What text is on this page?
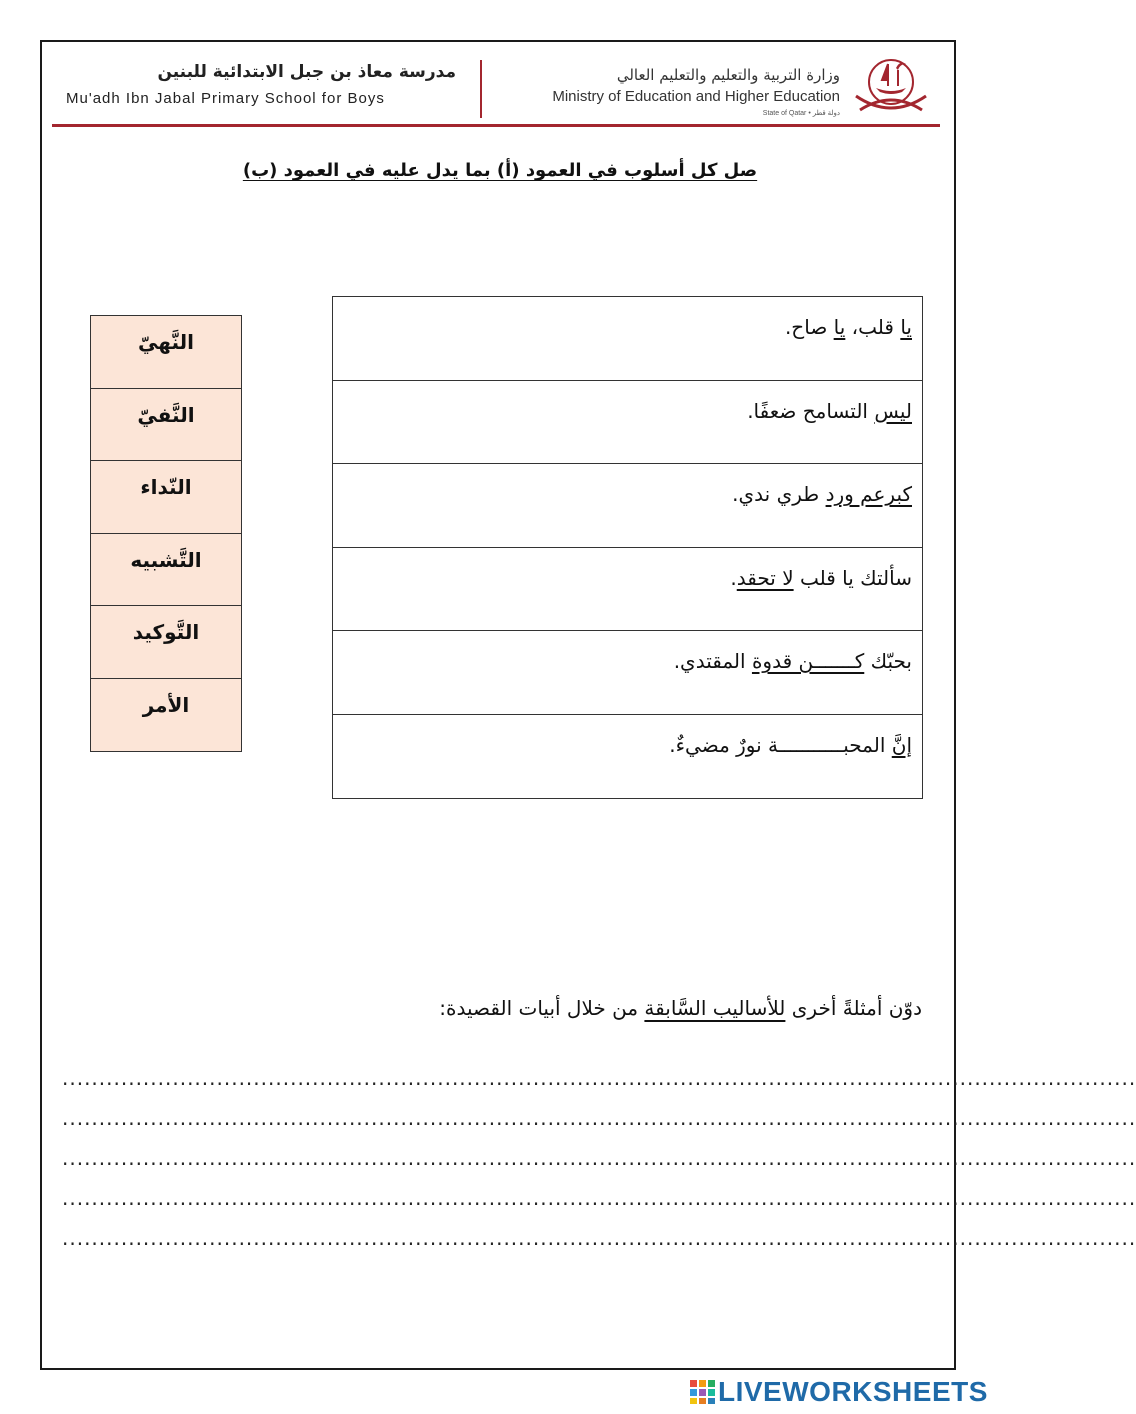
مدرسة معاذ بن جبل الابتدائية للبنين
Mu'adh Ibn Jabal Primary School for Boys
وزارة التربية والتعليم والتعليم العالي
Ministry of Education and Higher Education
State of Qatar • دولة قطر
صل كل أسلوب في العمود (أ) بما يدل عليه في العمود (ب)
يا قلب، يا صاح.
ليس التسامح ضعفًا.
كبرعم ورد طري ندي.
سألتك يا قلب لا تحقد.
بحبّك كـــــــن قدوة المقتدي.
إنَّ المحبـــــــــــة نورٌ مضيءٌ.
النَّهيّ
النَّفيّ
النّداء
التَّشبيه
التَّوكيد
الأمر
دوّن أمثلةً أخرى للأساليب السَّابقة من خلال أبيات القصيدة:
..................................................................................................................................................
..................................................................................................................................................
..................................................................................................................................................
..................................................................................................................................................
..................................................................................................................................................
LIVEWORKSHEETS
